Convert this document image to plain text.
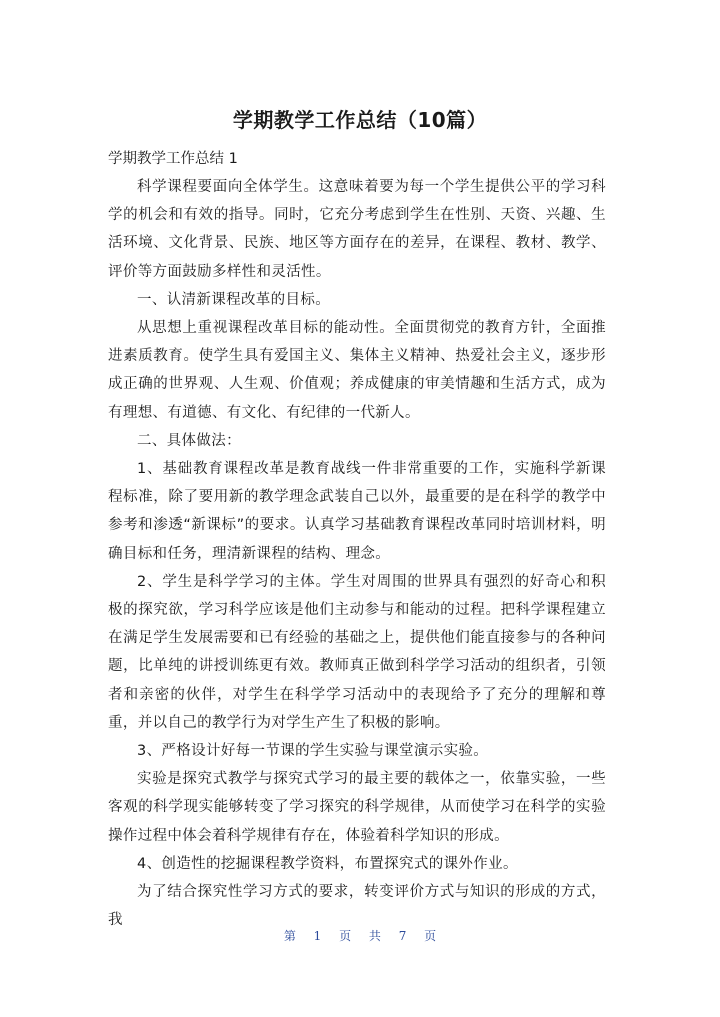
学期教学工作总结（10篇）
学期教学工作总结 1

科学课程要面向全体学生。这意味着要为每一个学生提供公平的学习科学的机会和有效的指导。同时，它充分考虑到学生在性别、天资、兴趣、生活环境、文化背景、民族、地区等方面存在的差异，在课程、教材、教学、评价等方面鼓励多样性和灵活性。

一、认清新课程改革的目标。

从思想上重视课程改革目标的能动性。全面贯彻党的教育方针，全面推进素质教育。使学生具有爱国主义、集体主义精神、热爱社会主义，逐步形成正确的世界观、人生观、价值观；养成健康的审美情趣和生活方式，成为有理想、有道德、有文化、有纪律的一代新人。

二、具体做法：

1、基础教育课程改革是教育战线一件非常重要的工作，实施科学新课程标准，除了要用新的教学理念武装自己以外，最重要的是在科学的教学中参考和渗透“新课标”的要求。认真学习基础教育课程改革同时培训材料，明确目标和任务，理清新课程的结构、理念。

2、学生是科学学习的主体。学生对周围的世界具有强烈的好奇心和积极的探究欲，学习科学应该是他们主动参与和能动的过程。把科学课程建立在满足学生发展需要和已有经验的基础之上，提供他们能直接参与的各种问题，比单纯的讲授训练更有效。教师真正做到科学学习活动的组织者，引领者和亲密的伙伴，对学生在科学学习活动中的表现给予了充分的理解和尊重，并以自己的教学行为对学生产生了积极的影响。

3、严格设计好每一节课的学生实验与课堂演示实验。

实验是探究式教学与探究式学习的最主要的载体之一，依靠实验，一些客观的科学现实能够转变了学习探究的科学规律，从而使学习在科学的实验操作过程中体会着科学规律有存在，体验着科学知识的形成。

4、创造性的挖掘课程教学资料，布置探究式的课外作业。

为了结合探究性学习方式的要求，转变评价方式与知识的形成的方式，我

第 1 页 共 7 页
